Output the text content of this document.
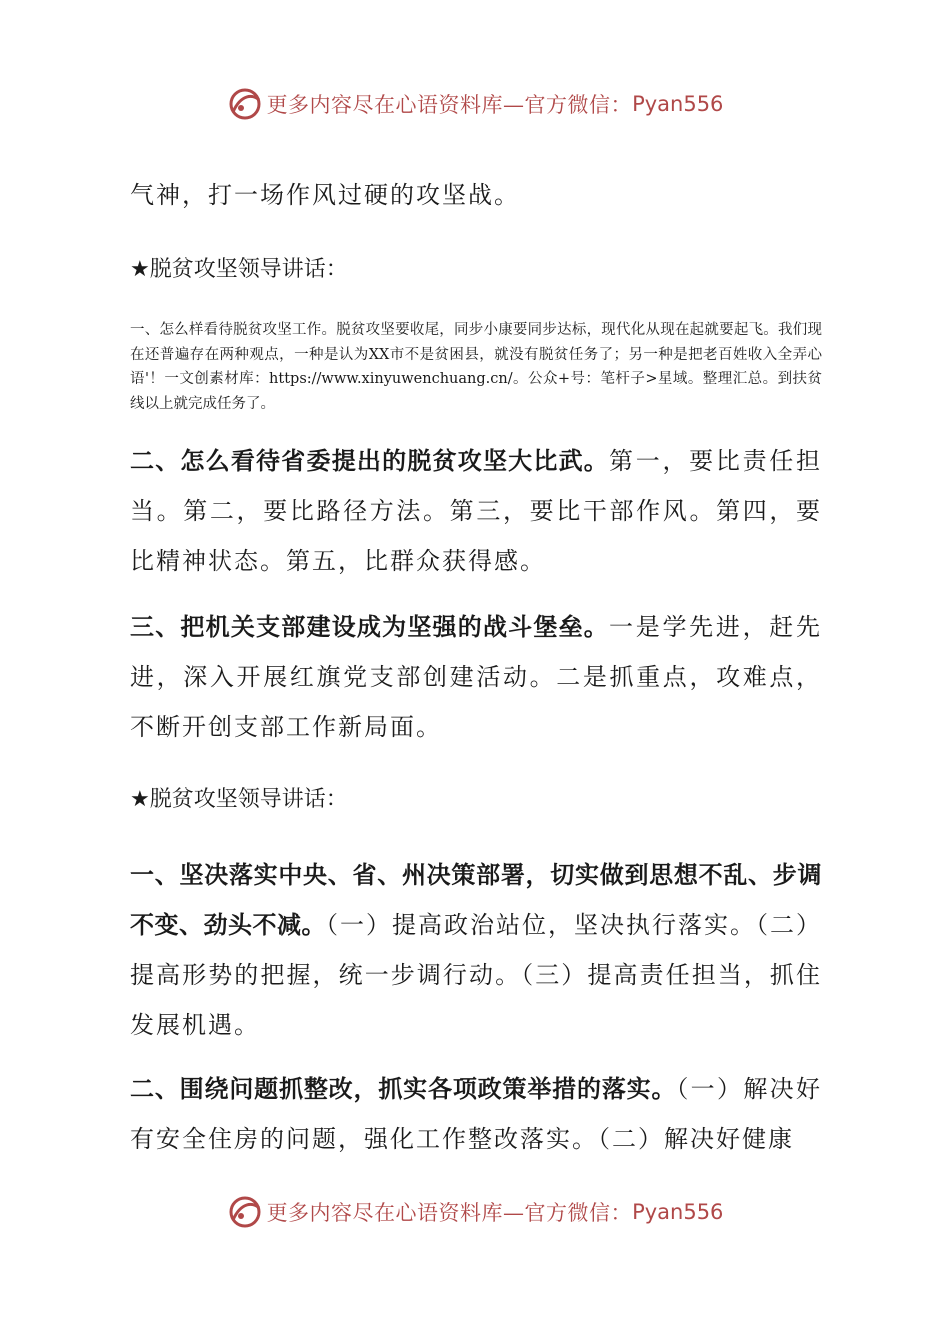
更多内容尽在心语资料库—官方微信： Pyan556
气神，打一场作风过硬的攻坚战。
★脱贫攻坚领导讲话：
一、怎么样看待脱贫攻坚工作。脱贫攻坚要收尾，同步小康要同步达标，现代化从现在起就要起飞。我们现在还普遍存在两种观点，一种是认为XX市不是贫困县，就没有脱贫任务了；另一种是把老百姓收入全弄心语'！一文创素材库：https://www.xinyuwenchuang.cn/。公众+号：笔杆子>星域。整理汇总。到扶贫线以上就完成任务了。
二、怎么看待省委提出的脱贫攻坚大比武。第一，要比责任担当。第二，要比路径方法。第三，要比干部作风。第四，要比精神状态。第五，比群众获得感。
三、把机关支部建设成为坚强的战斗堡垒。一是学先进，赶先进，深入开展红旗党支部创建活动。二是抓重点，攻难点，不断开创支部工作新局面。
★脱贫攻坚领导讲话：
一、坚决落实中央、省、州决策部署，切实做到思想不乱、步调不变、劲头不减。（一）提高政治站位，坚决执行落实。（二）提高形势的把握，统一步调行动。（三）提高责任担当，抓住发展机遇。
二、围绕问题抓整改，抓实各项政策举措的落实。（一）解决好有安全住房的问题，强化工作整改落实。（二）解决好健康
更多内容尽在心语资料库—官方微信： Pyan556
